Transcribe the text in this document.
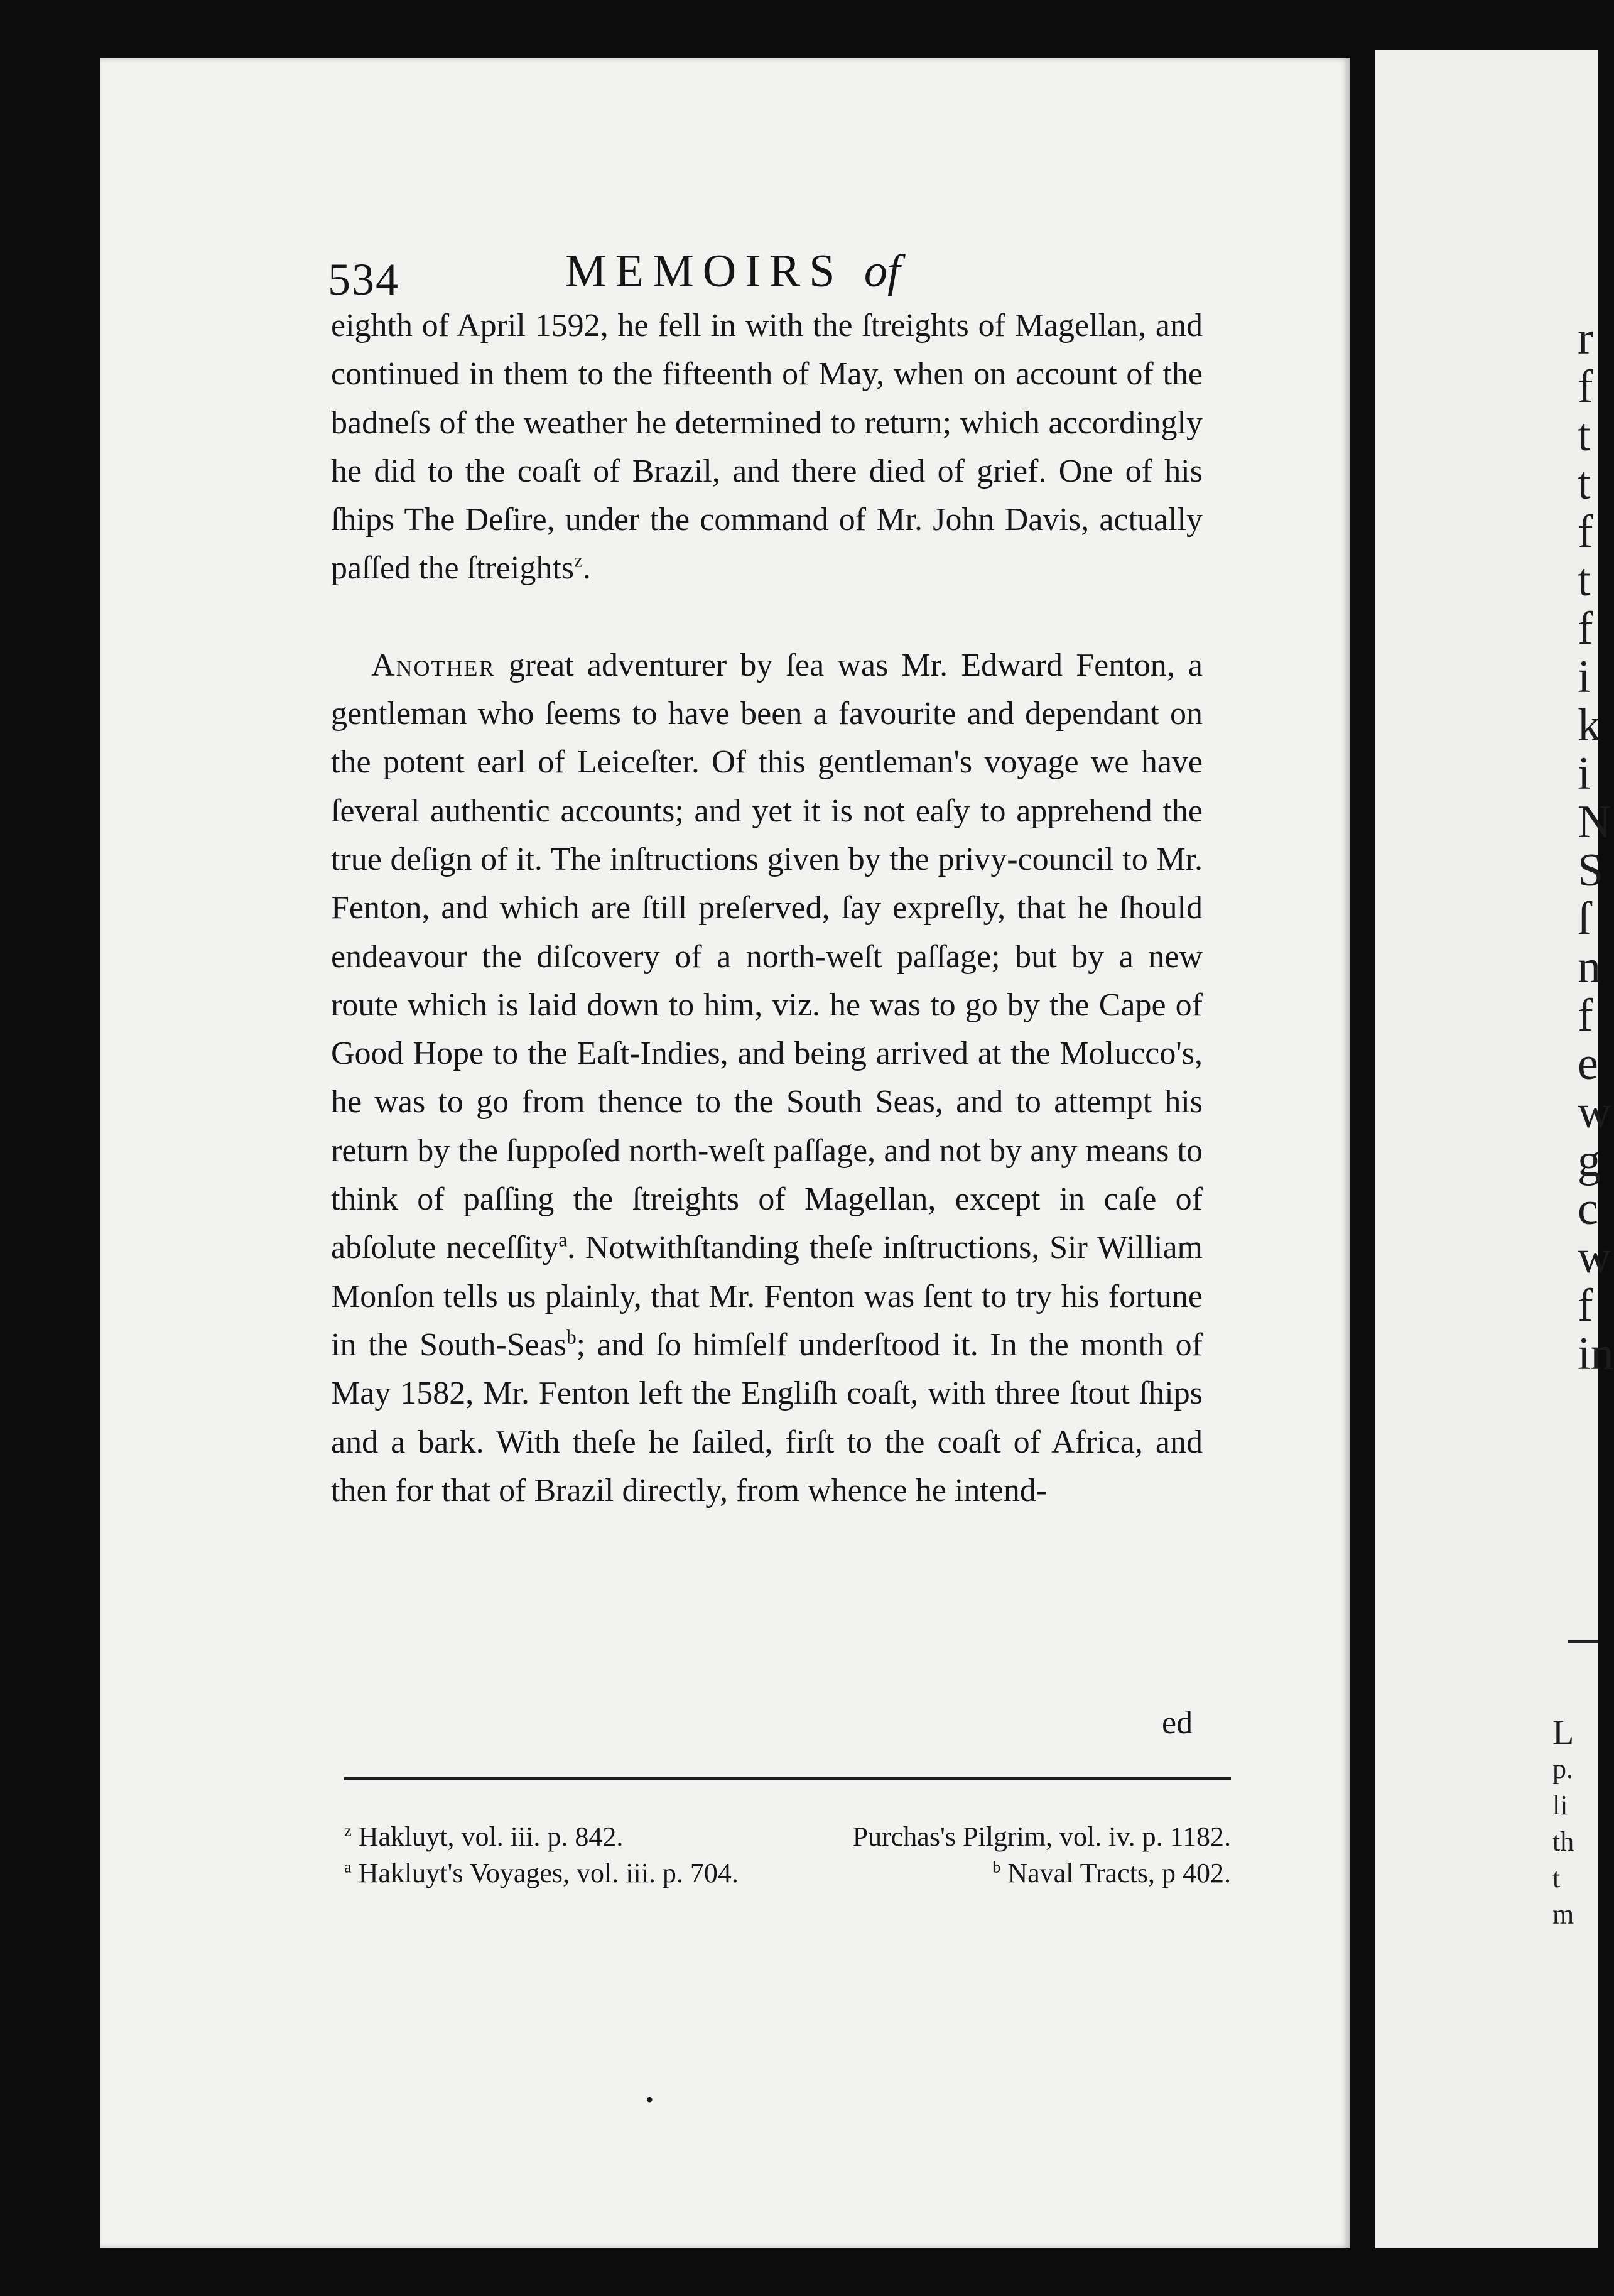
534	MEMOIRS of

eighth of April 1592, he fell in with the ſtreights of Magellan, and continued in them to the fifteenth of May, when on account of the badneſs of the weather he determined to return; which accordingly he did to the coaſt of Brazil, and there died of grief. One of his ſhips The Deſire, under the command of Mr. John Davis, actually paſſed the ſtreights$^z$.

Another great adventurer by ſea was Mr. Edward Fenton, a gentleman who ſeems to have been a favourite and dependant on the potent earl of Leiceſter. Of this gentleman's voyage we have ſeveral authentic accounts; and yet it is not eaſy to apprehend the true deſign of it. The inſtructions given by the privy-council to Mr. Fenton, and which are ſtill preſerved, ſay expreſly, that he ſhould endeavour the diſcovery of a north-weſt paſſage; but by a new route which is laid down to him, viz. he was to go by the Cape of Good Hope to the Eaſt-Indies, and being arrived at the Molucco's, he was to go from thence to the South Seas, and to attempt his return by the ſuppoſed north-weſt paſſage, and not by any means to think of paſſing the ſtreights of Magellan, except in caſe of abſolute neceſſity$^a$. Notwithſtanding theſe inſtructions, Sir William Monſon tells us plainly, that Mr. Fenton was ſent to try his fortune in the South-Seas$^b$; and ſo himſelf underſtood it. In the month of May 1582, Mr. Fenton left the Engliſh coaſt, with three ſtout ſhips and a bark. With theſe he ſailed, firſt to the coaſt of Africa, and then for that of Brazil directly, from whence he intend-

ed
$^z$ Hakluyt, vol. iii. p. 842.	Purchas's Pilgrim, vol. iv. p. 1182.
$^a$ Hakluyt's Voyages, vol. iii. p. 704.	$^b$ Naval Tracts, p 402.
•
r
f
t
t
f
t
f
i
k
i
N
S
ſ
n
f
e
w
g
c
w
f
in
L
p.
li
th
t
m
